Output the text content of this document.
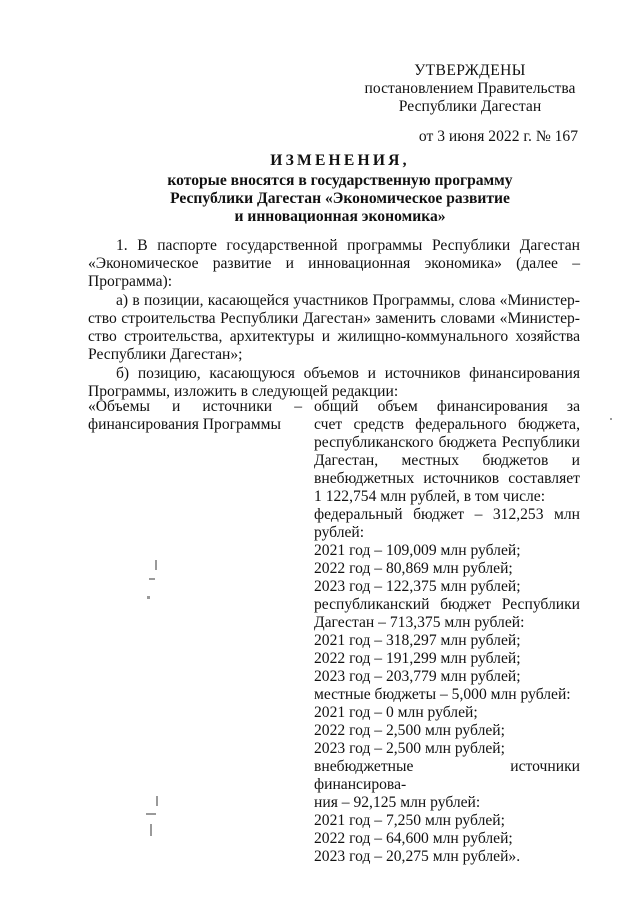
УТВЕРЖДЕНЫ
постановлением Правительства
Республики Дагестан
от 3 июня 2022 г. № 167
ИЗМЕНЕНИЯ,
которые вносятся в государственную программу
Республики Дагестан «Экономическое развитие
и инновационная экономика»
1. В паспорте государственной программы Республики Дагестан
«Экономическое развитие и инновационная экономика» (далее –
Программа):
а) в позиции, касающейся участников Программы, слова «Министер-
ство строительства Республики Дагестан» заменить словами «Министер-
ство строительства, архитектуры и жилищно-коммунального хозяйства
Республики Дагестан»;
б) позицию, касающуюся объемов и источников финансирования
Программы, изложить в следующей редакции:
«Объемы и источники –
финансирования Программы
общий объем финансирования за
счет средств федерального бюджета,
республиканского бюджета Республики
Дагестан, местных бюджетов и
внебюджетных источников составляет
1 122,754 млн рублей, в том числе:
федеральный бюджет – 312,253 млн
рублей:
2021 год – 109,009 млн рублей;
2022 год – 80,869 млн рублей;
2023 год – 122,375 млн рублей;
республиканский бюджет Республики
Дагестан – 713,375 млн рублей:
2021 год – 318,297 млн рублей;
2022 год – 191,299 млн рублей;
2023 год – 203,779 млн рублей;
местные бюджеты – 5,000 млн рублей:
2021 год – 0 млн рублей;
2022 год – 2,500 млн рублей;
2023 год – 2,500 млн рублей;
внебюджетные источники финансирова-
ния – 92,125 млн рублей:
2021 год – 7,250 млн рублей;
2022 год – 64,600 млн рублей;
2023 год – 20,275 млн рублей».
